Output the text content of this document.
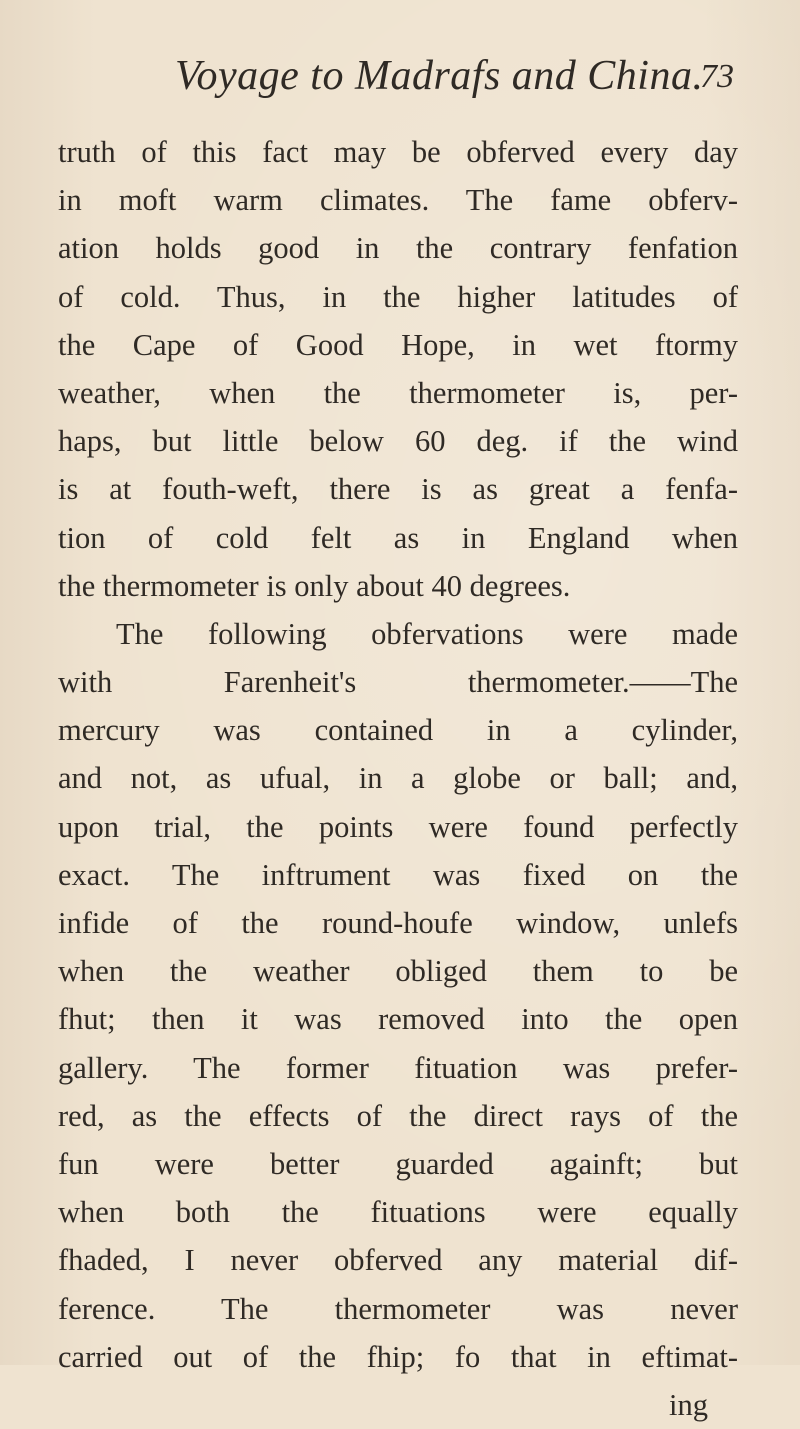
Voyage to Madrafs and China.
73
truth of this fact may be obferved every day
in moft warm climates. The fame obferv-
ation holds good in the contrary fenfation
of cold. Thus, in the higher latitudes of
the Cape of Good Hope, in wet ftormy
weather, when the thermometer is, per-
haps, but little below 60 deg. if the wind
is at fouth-weft, there is as great a fenfa-
tion of cold felt as in England when
the thermometer is only about 40 degrees.
The following obfervations were made
with Farenheit's thermometer.——The
mercury was contained in a cylinder,
and not, as ufual, in a globe or ball; and,
upon trial, the points were found perfectly
exact. The inftrument was fixed on the
infide of the round-houfe window, unlefs
when the weather obliged them to be
fhut; then it was removed into the open
gallery. The former fituation was prefer-
red, as the effects of the direct rays of the
fun were better guarded againft; but
when both the fituations were equally
fhaded, I never obferved any material dif-
ference. The thermometer was never
carried out of the fhip; fo that in eftimat-
ing
